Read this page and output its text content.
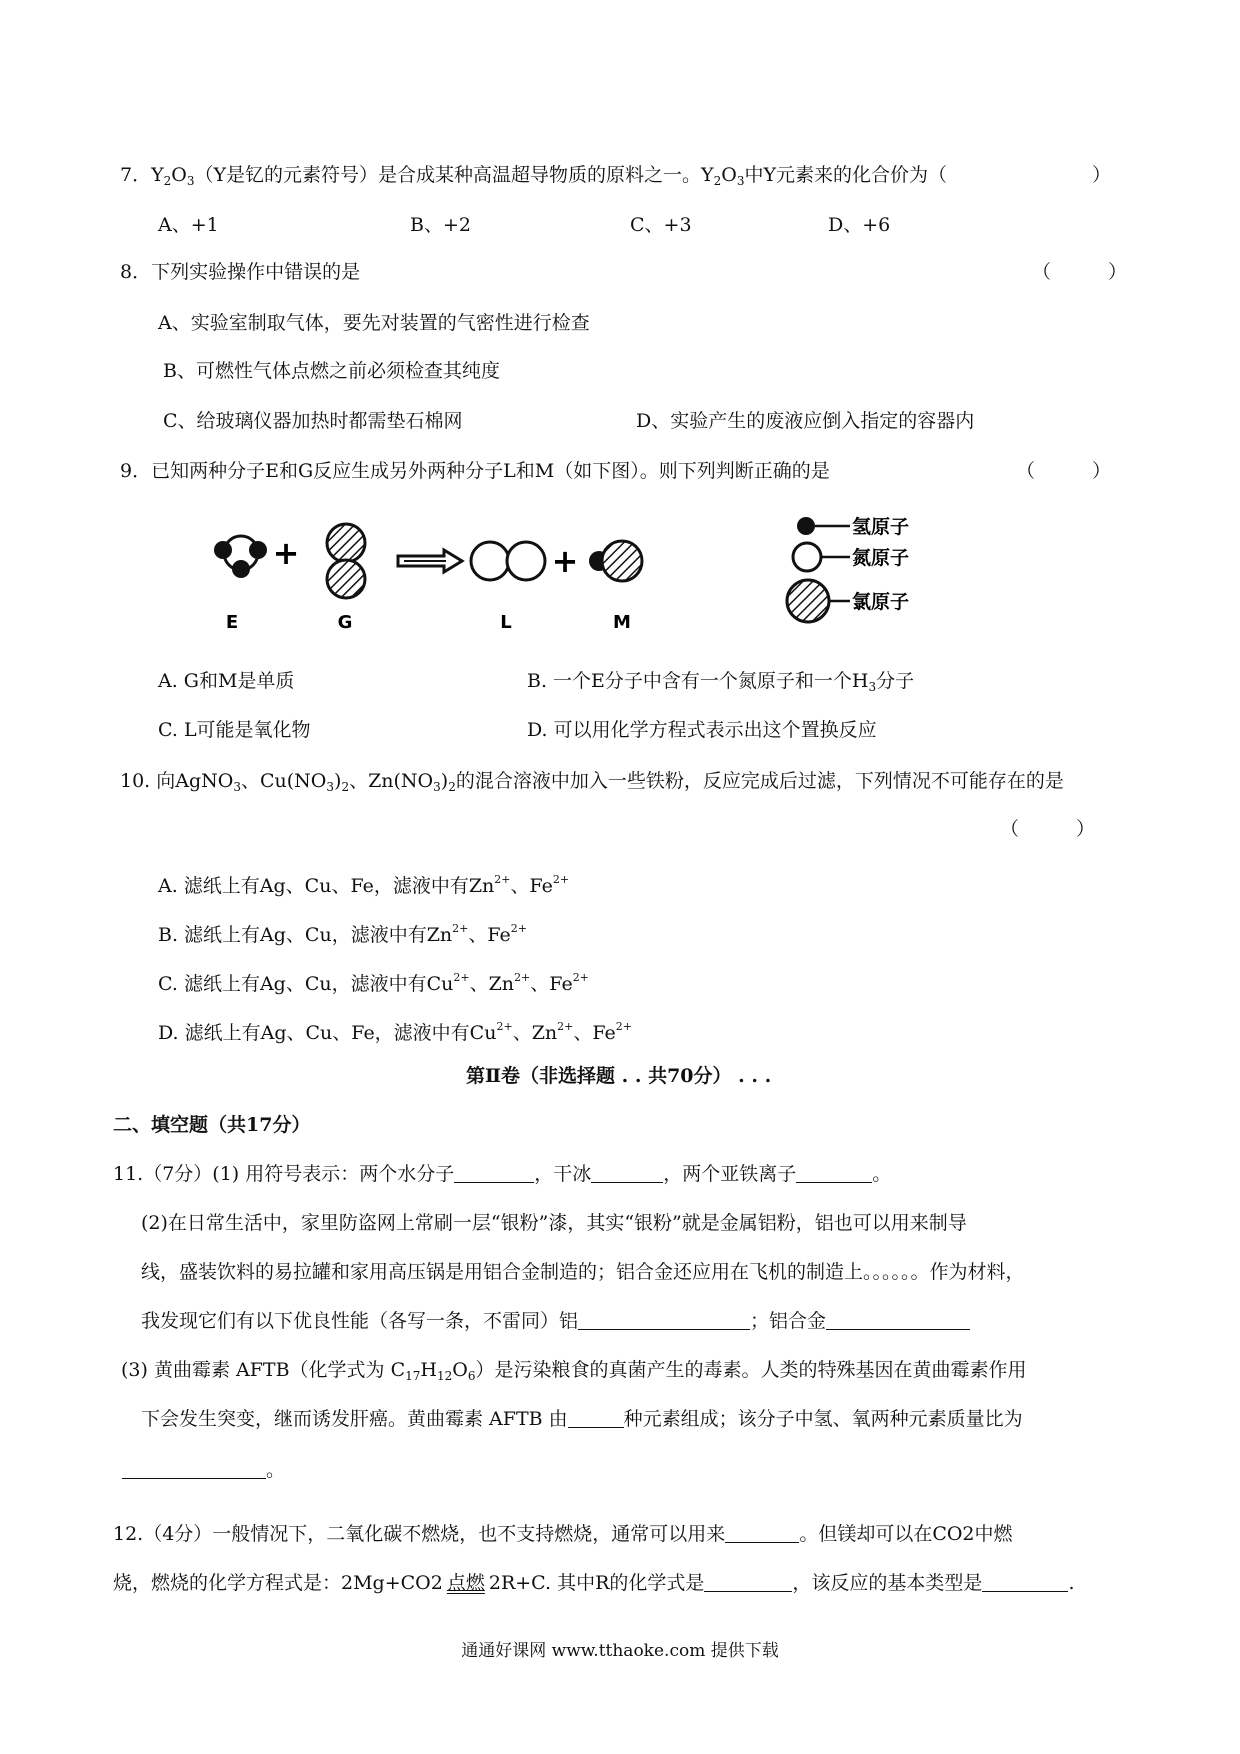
7．$Y_2O_3(Y$是钇的元素符号）是合成某种高温超导物质的原料之一。$Y_2O_3$中Y元素来的化合价为（	）
A、+1	B、+2	C、+3	D、+6
8．下列实验操作中错误的是	（　　　）
A、实验室制取气体，要先对装置的气密性进行检查
B、可燃性气体点燃之前必须检查其纯度
C、给玻璃仪器加热时都需垫石棉网	D、实验产生的废液应倒入指定的容器内
9．已知两种分子E和G反应生成另外两种分子L和M（如下图）。则下列判断正确的是	（　　　）
+	+
E	G	L	M
氢原子
氮原子
氯原子
A. G和M是单质	B. 一个E分子中含有一个氮原子和一个$H_3$分子
C. L可能是氧化物	D. 可以用化学方程式表示出这个置换反应
10. 向AgNO$_3$、$Cu(NO_3)_2$、$Zn(NO_3)_2$的混合溶液中加入一些铁粉，反应完成后过滤，下列情况不可能存在的是
（　　　）
A. 滤纸上有Ag、Cu、Fe，滤液中有$Zn^{2+}$、$Fe^{2+}$
B. 滤纸上有Ag、Cu，滤液中有$Zn^{2+}$、$Fe^{2+}$
C. 滤纸上有Ag、Cu，滤液中有$Cu^{2+}$、$Zn^{2+}$、$Fe^{2+}$
D. 滤纸上有Ag、Cu、Fe，滤液中有$Cu^{2+}$、$Zn^{2+}$、$Fe^{2+}$
第Ⅱ卷（非选择题 . . 共70分） . . .
二、填空题（共17分）
11.（7分）(1) 用符号表示：两个水分子	，干冰	，两个亚铁离子	。
(2)在日常生活中，家里防盗网上常刷一层“银粉”漆，其实“银粉”就是金属铝粉，铝也可以用来制导
线，盛装饮料的易拉罐和家用高压锅是用铝合金制造的；铝合金还应用在飞机的制造上。。。。。。作为材料，
我发现它们有以下优良性能（各写一条，不雷同）铝	；铝合金
(3) 黄曲霉素 AFTB（化学式为 $C_{17}H_{12}O_6$）是污染粮食的真菌产生的毒素。人类的特殊基因在黄曲霉素作用
下会发生突变，继而诱发肝癌。黄曲霉素 AFTB 由	种元素组成；该分子中氢、氧两种元素质量比为
。
12.（4分）一般情况下，二氧化碳不燃烧，也不支持燃烧，通常可以用来	。但镁却可以在CO2中燃
烧，燃烧的化学方程式是：2Mg+CO2 点燃 2R+C. 其中R的化学式是	，该反应的基本类型是	.
通通好课网 www.tthaoke.com 提供下载
